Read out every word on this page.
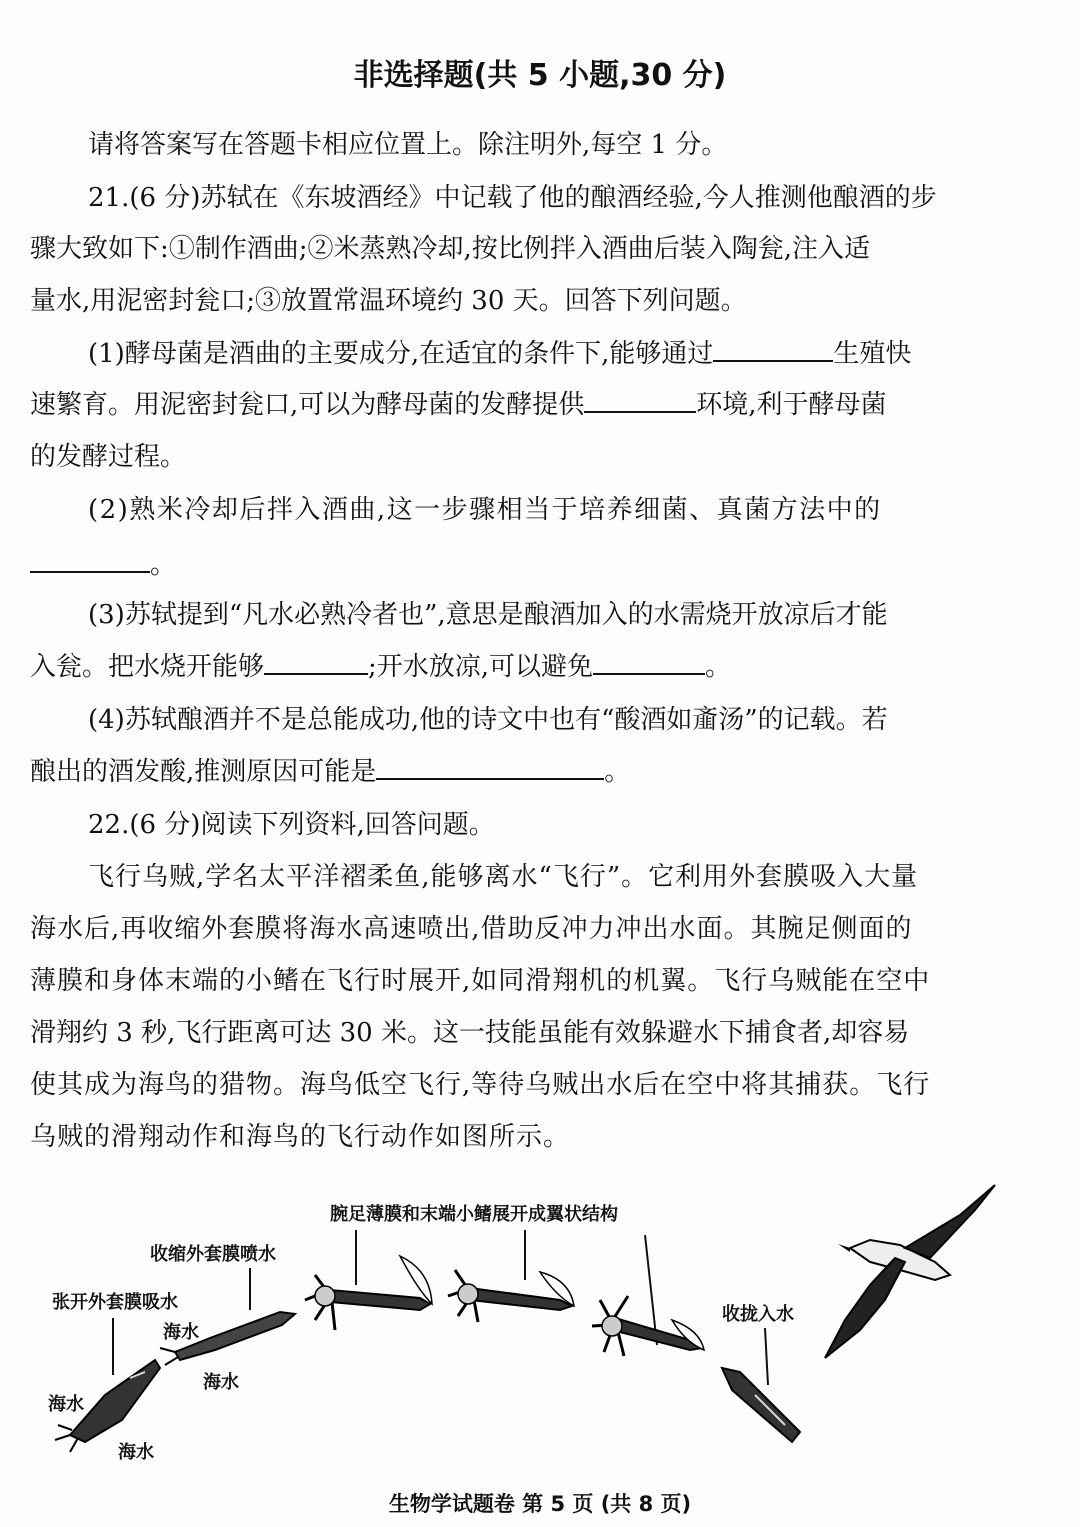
非选择题(共 5 小题,30 分)
请将答案写在答题卡相应位置上。除注明外,每空 1 分。
21.(6 分)苏轼在《东坡酒经》中记载了他的酿酒经验,今人推测他酿酒的步
骤大致如下:①制作酒曲;②米蒸熟冷却,按比例拌入酒曲后装入陶瓮,注入适
量水,用泥密封瓮口;③放置常温环境约 30 天。回答下列问题。
(1)酵母菌是酒曲的主要成分,在适宜的条件下,能够通过	生殖快
速繁育。用泥密封瓮口,可以为酵母菌的发酵提供	环境,利于酵母菌
的发酵过程。
(2)熟米冷却后拌入酒曲,这一步骤相当于培养细菌、真菌方法中的
。
(3)苏轼提到“凡水必熟冷者也”,意思是酿酒加入的水需烧开放凉后才能
入瓮。把水烧开能够	;开水放凉,可以避免	。
(4)苏轼酿酒并不是总能成功,他的诗文中也有“酸酒如齑汤”的记载。若
酿出的酒发酸,推测原因可能是	。
22.(6 分)阅读下列资料,回答问题。
飞行乌贼,学名太平洋褶柔鱼,能够离水“飞行”。它利用外套膜吸入大量
海水后,再收缩外套膜将海水高速喷出,借助反冲力冲出水面。其腕足侧面的
薄膜和身体末端的小鳍在飞行时展开,如同滑翔机的机翼。飞行乌贼能在空中
滑翔约 3 秒,飞行距离可达 30 米。这一技能虽能有效躲避水下捕食者,却容易
使其成为海鸟的猎物。海鸟低空飞行,等待乌贼出水后在空中将其捕获。飞行
乌贼的滑翔动作和海鸟的飞行动作如图所示。
腕足薄膜和末端小鳍展开成翼状结构
收缩外套膜喷水
张开外套膜吸水
收拢入水
海水
海水
海水
海水
生物学试题卷 第 5 页 (共 8 页)
